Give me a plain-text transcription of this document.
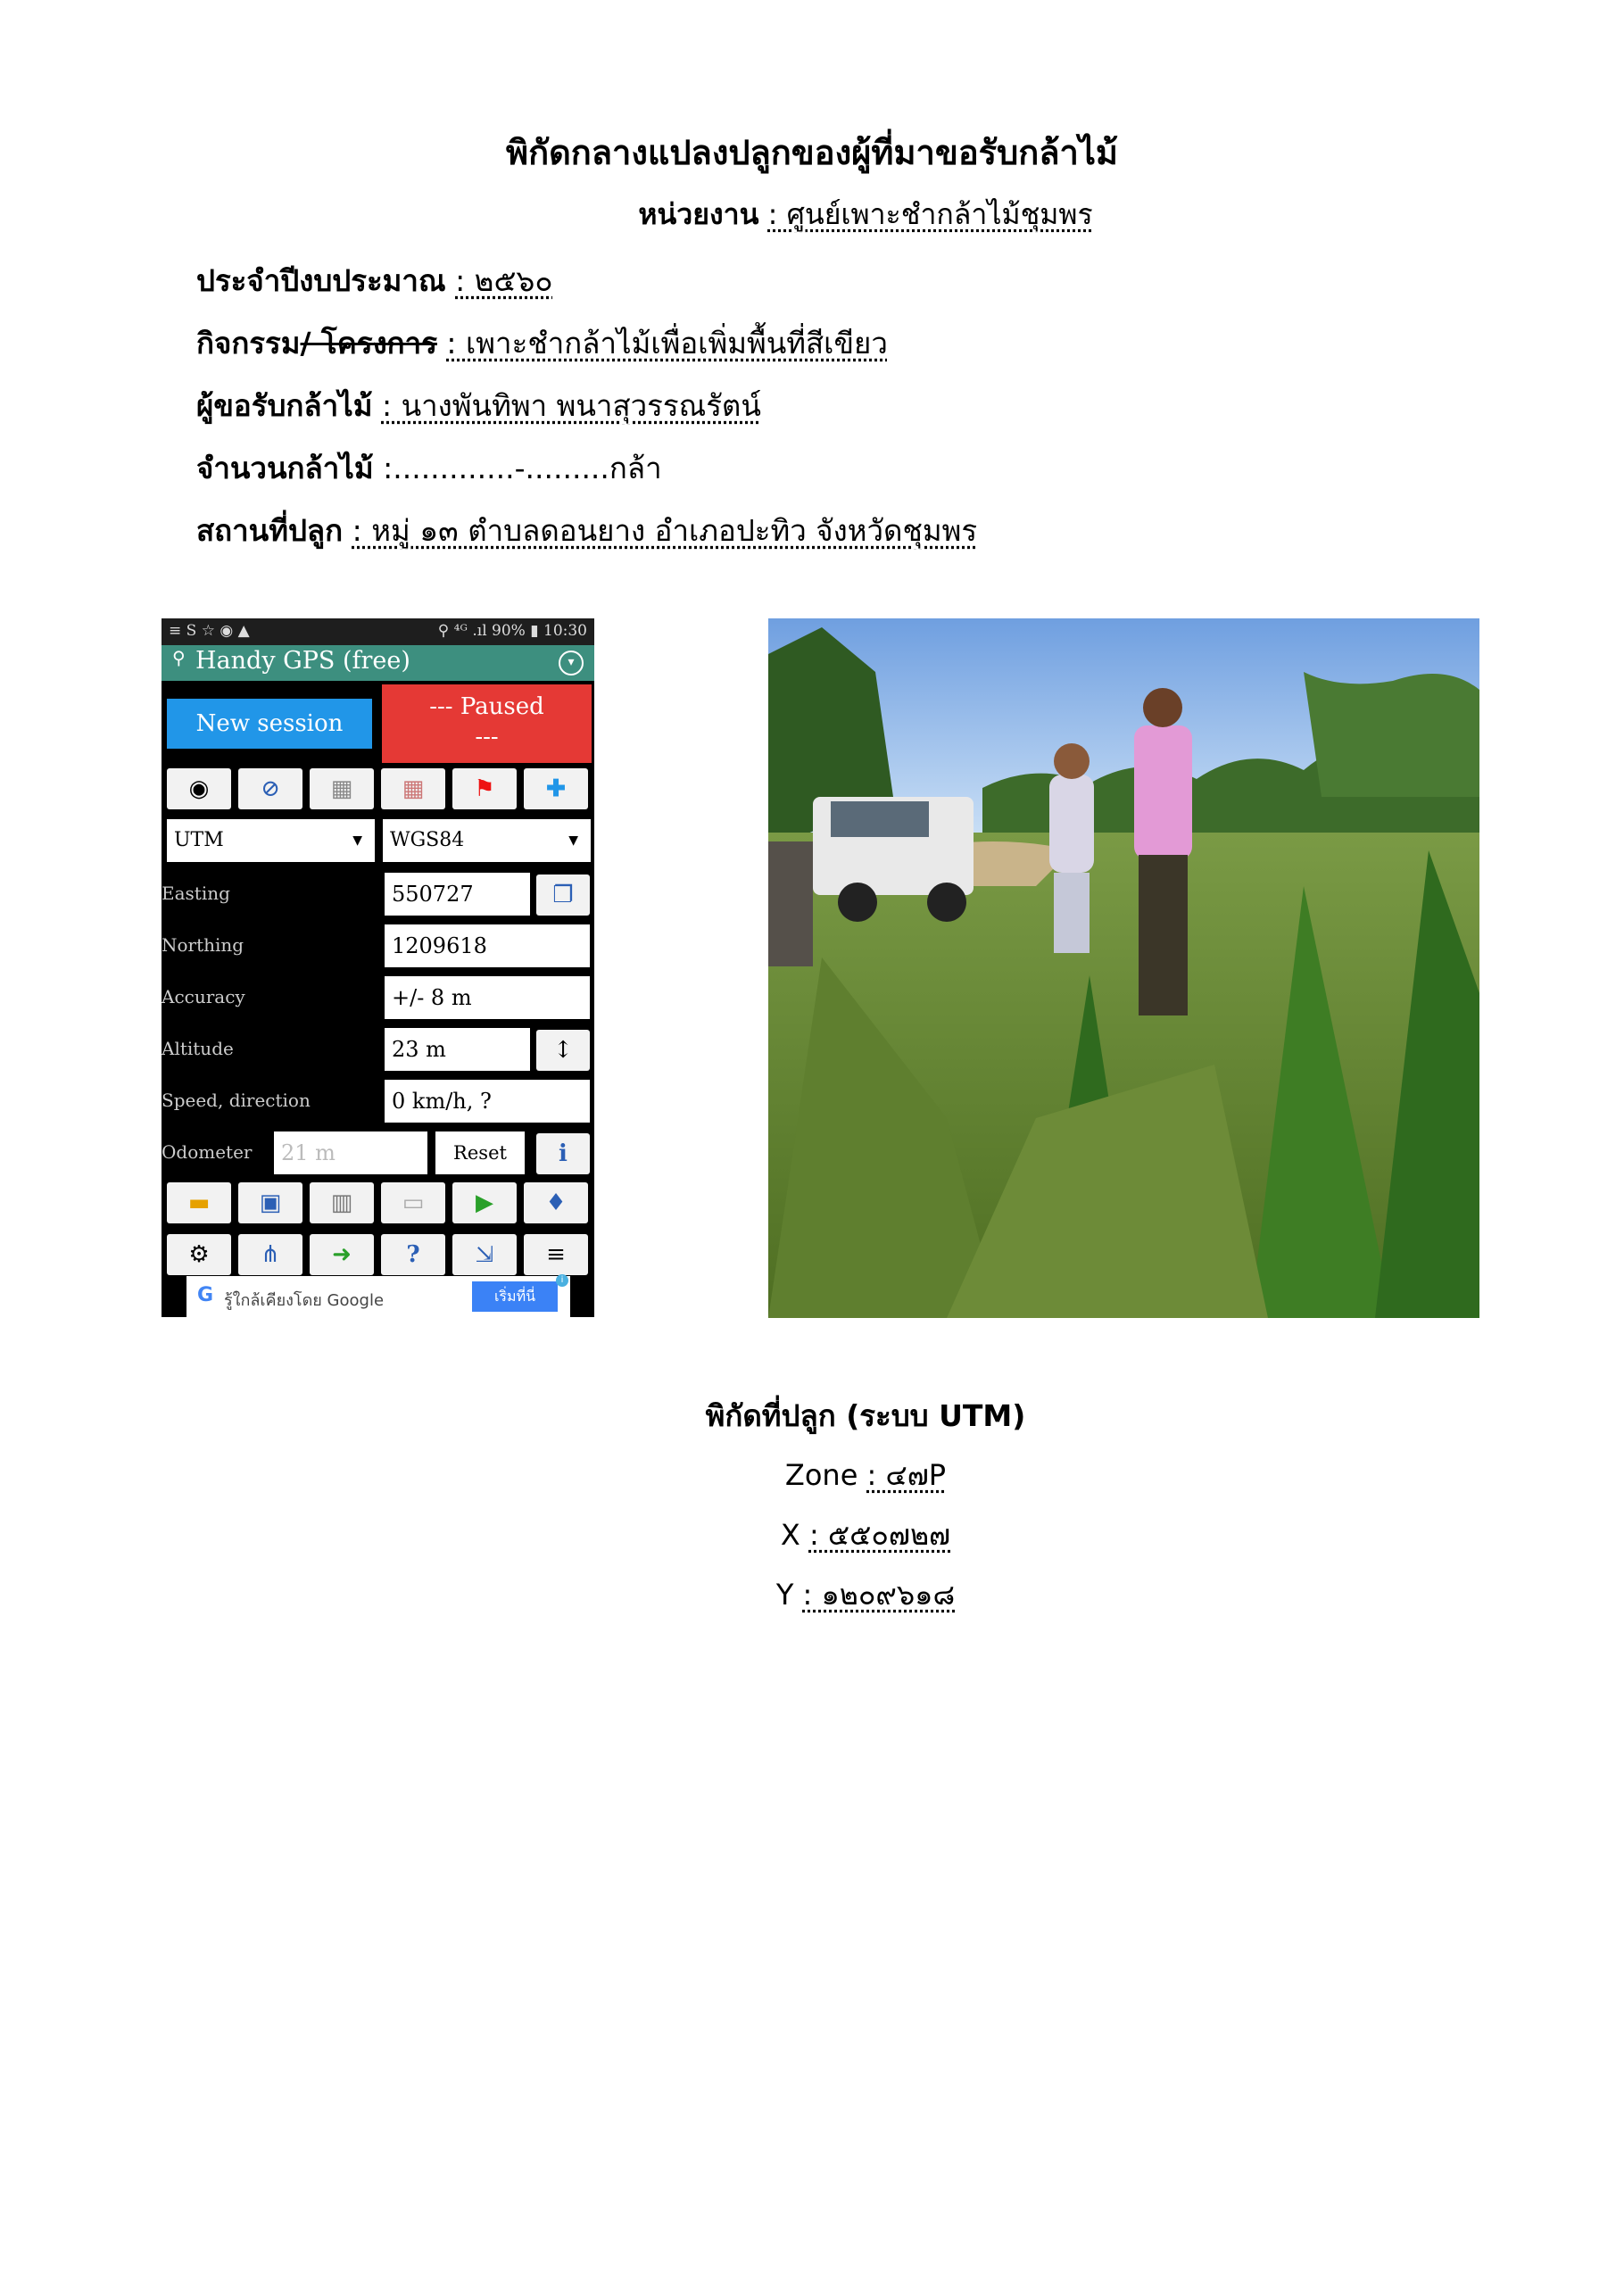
พิกัดกลางแปลงปลูกของผู้ที่มาขอรับกล้าไม้
หน่วยงาน : ศูนย์เพาะชำกล้าไม้ชุมพร
ประจำปีงบประมาณ : ๒๕๖๐
กิจกรรม/ โครงการ : เพาะชำกล้าไม้เพื่อเพิ่มพื้นที่สีเขียว
ผู้ขอรับกล้าไม้ : นางพันทิพา พนาสุวรรณรัตน์
จำนวนกล้าไม้ :.............-.........กล้า
สถานที่ปลูก : หมู่ ๑๓ ตำบลดอนยาง อำเภอปะทิว จังหวัดชุมพร
≡ S ☆ ◉ ▲	⚲ ⁴ᴳ .ıl 90% ▮ 10:30
⚲ Handy GPS (free)	▾
New session
--- Paused
---
◉	⊘	▦	▦	⚑	✚
UTM	▼	WGS84	▼
Easting	550727	❐
Northing	1209618
Accuracy	+/- 8 m
Altitude	23 m	↕
Speed, direction	0 km/h, ?
Odometer	21 m	Reset	i
▬	▣	▥	▭	▶	♦
⚙	⋔	➜	?	⇲	≡
G รู้ใกล้เคียงโดย Google	เริ่มที่นี่
i
พิกัดที่ปลูก (ระบบ UTM)
Zone : ๔๗P
X : ๕๕๐๗๒๗
Y : ๑๒๐๙๖๑๘
